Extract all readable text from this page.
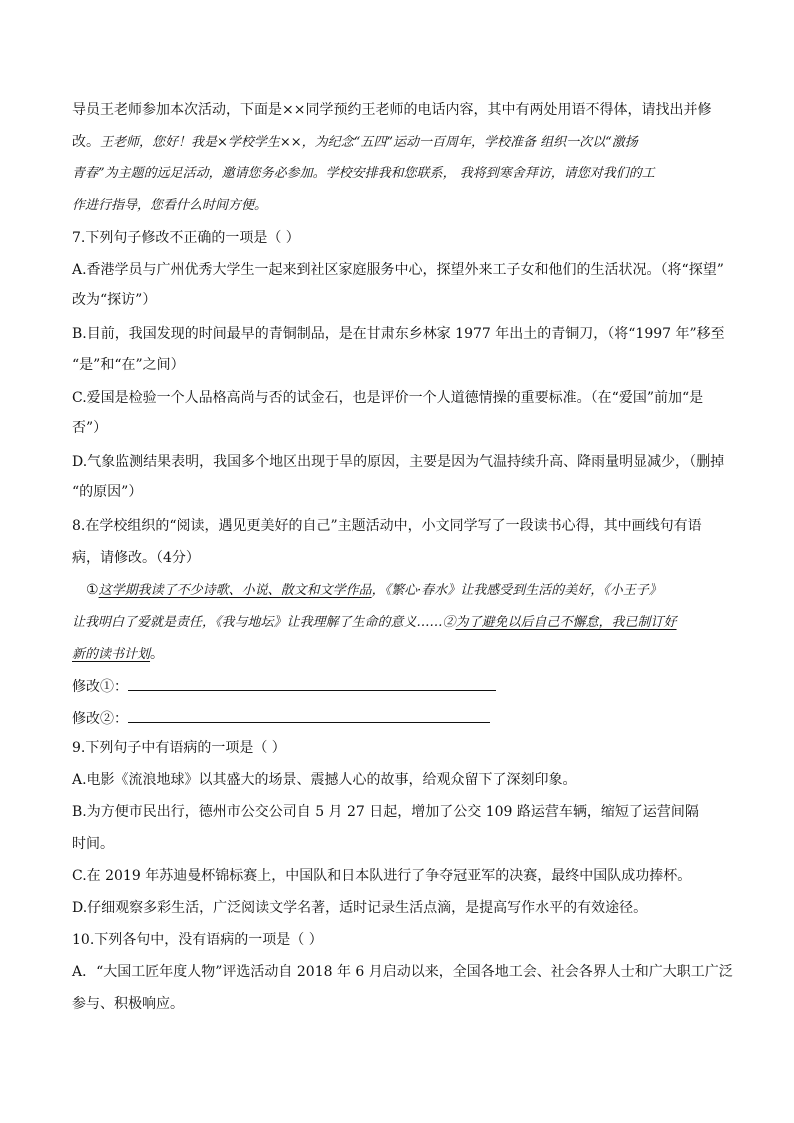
导员王老师参加本次活动，下面是××同学预约王老师的电话内容，其中有两处用语不得体，请找出并修
改。王老师，您好！我是×学校学生××，为纪念“五四”运动一百周年，学校准备 组织一次以“激扬
青春”为主题的远足活动，邀请您务必参加。学校安排我和您联系， 我将到寒舍拜访，请您对我们的工
作进行指导，您看什么时间方便。
7.下列句子修改不正确的一项是（ ）
A.香港学员与广州优秀大学生一起来到社区家庭服务中心，探望外来工子女和他们的生活状况。（将“探望”
改为“探访”）
B.目前，我国发现的时间最早的青铜制品，是在甘肃东乡林家 1977 年出土的青铜刀，（将“1997 年”移至
“是”和“在”之间）
C.爱国是检验一个人品格高尚与否的试金石，也是评价一个人道德情操的重要标准。（在“爱国”前加“是
否”）
D.气象监测结果表明，我国多个地区出现于旱的原因，主要是因为气温持续升高、降雨量明显减少，（删掉
“的原因”）
8.在学校组织的“阅读，遇见更美好的自己”主题活动中，小文同学写了一段读书心得，其中画线句有语
病，请修改。（4分）
①这学期我读了不少诗歌、小说、散文和文学作品，《繁心·春水》让我感受到生活的美好，《小王子》
让我明白了爱就是责任，《我与地坛》让我理解了生命的意义……②为了避免以后自己不懈怠，我已制订好
新的读书计划。
修改①：
修改②：
9.下列句子中有语病的一项是（ ）
A.电影《流浪地球》以其盛大的场景、震撼人心的故事，给观众留下了深刻印象。
B.为方便市民出行，德州市公交公司自 5 月 27 日起，增加了公交 109 路运营车辆，缩短了运营间隔
时间。
C.在 2019 年苏迪曼杯锦标赛上，中国队和日本队进行了争夺冠亚军的决赛，最终中国队成功捧杯。
D.仔细观察多彩生活，广泛阅读文学名著，适时记录生活点滴，是提高写作水平的有效途径。
10.下列各句中，没有语病的一项是（ ）
A．“大国工匠年度人物”评选活动自 2018 年 6 月启动以来，全国各地工会、社会各界人士和广大职工广泛
参与、积极响应。
